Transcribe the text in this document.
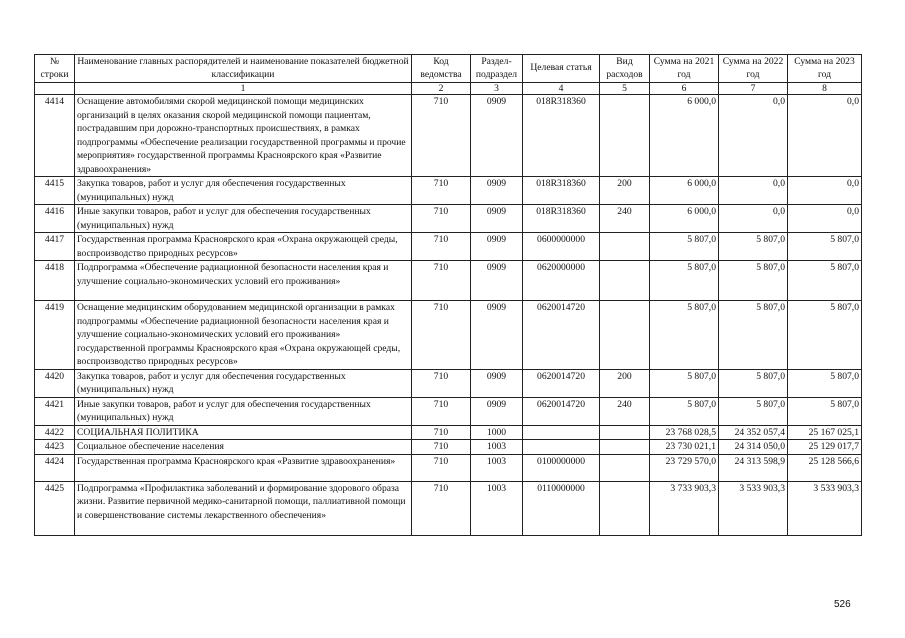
№ строки	Наименование главных распорядителей и наименование показателей бюджетной классификации	Код ведомства	Раздел-подраздел	Целевая статья	Вид расходов	Сумма на 2021 год	Сумма на 2022 год	Сумма на 2023 год
	1	2	3	4	5	6	7	8
4414	Оснащение автомобилями скорой медицинской помощи медицинских организаций в целях оказания скорой медицинской помощи пациентам, пострадавшим при дорожно-транспортных происшествиях, в рамках подпрограммы «Обеспечение реализации государственной программы и прочие мероприятия» государственной программы Красноярского края «Развитие здравоохранения»	710	0909	018R318360		6 000,0	0,0	0,0
4415	Закупка товаров, работ и услуг для обеспечения государственных (муниципальных) нужд	710	0909	018R318360	200	6 000,0	0,0	0,0
4416	Иные закупки товаров, работ и услуг для обеспечения государственных (муниципальных) нужд	710	0909	018R318360	240	6 000,0	0,0	0,0
4417	Государственная программа Красноярского края «Охрана окружающей среды, воспроизводство природных ресурсов»	710	0909	0600000000		5 807,0	5 807,0	5 807,0
4418	Подпрограмма «Обеспечение радиационной безопасности населения края и улучшение социально-экономических условий его проживания»	710	0909	0620000000		5 807,0	5 807,0	5 807,0
4419	Оснащение медицинским оборудованием медицинской организации в рамках подпрограммы «Обеспечение радиационной безопасности населения края и улучшение социально-экономических условий его проживания» государственной программы Красноярского края «Охрана окружающей среды, воспроизводство природных ресурсов»	710	0909	0620014720		5 807,0	5 807,0	5 807,0
4420	Закупка товаров, работ и услуг для обеспечения государственных (муниципальных) нужд	710	0909	0620014720	200	5 807,0	5 807,0	5 807,0
4421	Иные закупки товаров, работ и услуг для обеспечения государственных (муниципальных) нужд	710	0909	0620014720	240	5 807,0	5 807,0	5 807,0
4422	СОЦИАЛЬНАЯ ПОЛИТИКА	710	1000			23 768 028,5	24 352 057,4	25 167 025,1
4423	Социальное обеспечение населения	710	1003			23 730 021,1	24 314 050,0	25 129 017,7
4424	Государственная программа Красноярского края «Развитие здравоохранения»	710	1003	0100000000		23 729 570,0	24 313 598,9	25 128 566,6
4425	Подпрограмма «Профилактика заболеваний и формирование здорового образа жизни. Развитие первичной медико-санитарной помощи, паллиативной помощи и совершенствование системы лекарственного обеспечения»	710	1003	0110000000		3 733 903,3	3 533 903,3	3 533 903,3
526
